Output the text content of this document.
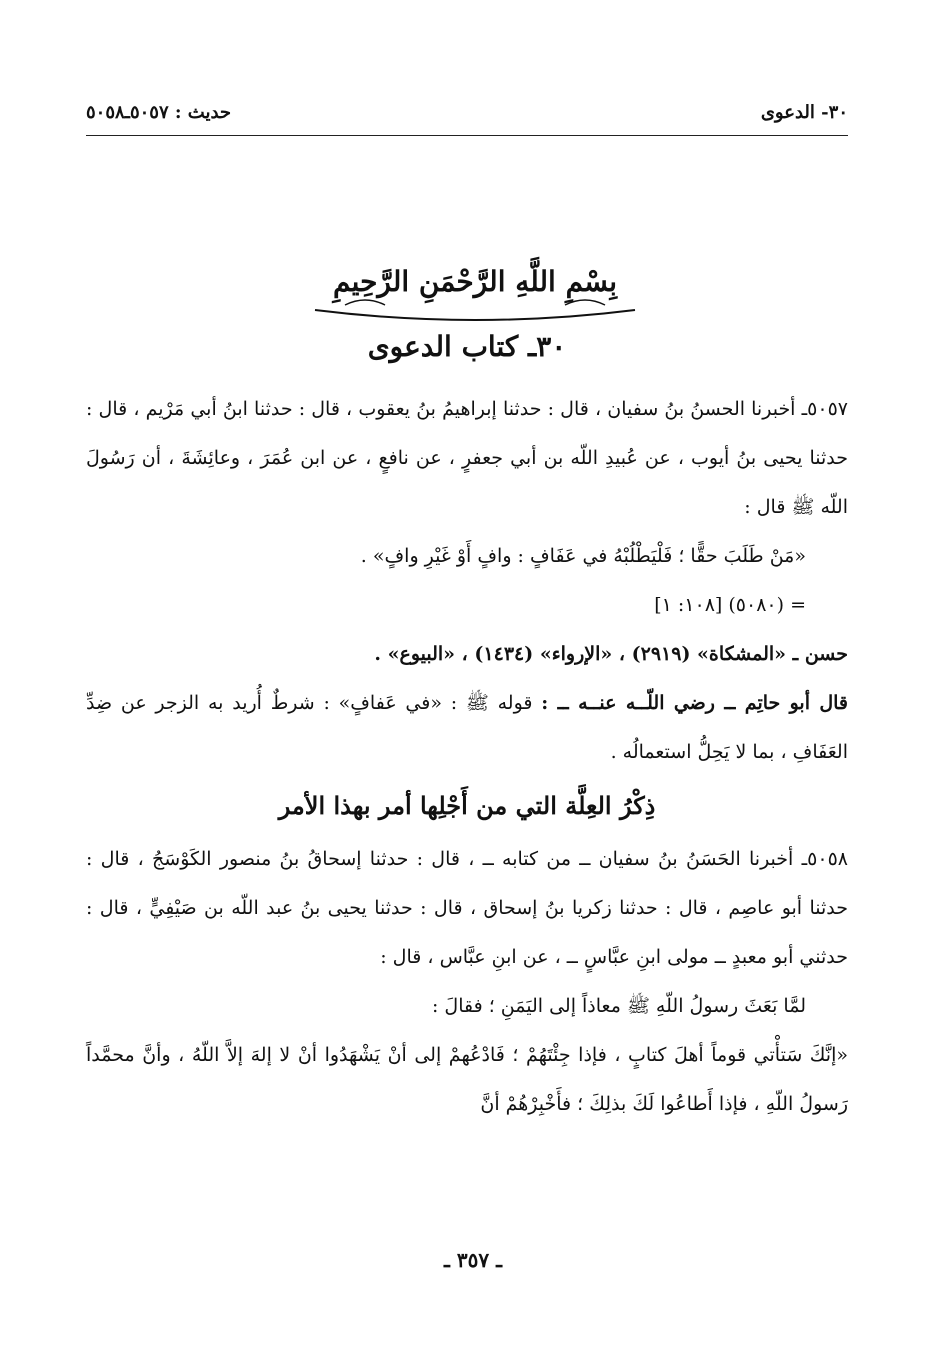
٣٠- الدعوى
حديث : ٥٠٥٧ـ٥٠٥٨
بِسْمِ اللَّهِ الرَّحْمَنِ الرَّحِيمِ
٣٠ـ كتاب الدعوى

٥٠٥٧ـ أخبرنا الحسنُ بنُ سفيان ، قال : حدثنا إبراهيمُ بنُ يعقوب ، قال : حدثنا ابنُ أبي مَرْيم ، قال : حدثنا يحيى بنُ أيوب ، عن عُبيدِ اللّه بن أبي جعفرٍ ، عن نافعٍ ، عن ابن عُمَرَ ، وعائِشَةَ ، أن رَسُولَ اللّه ﷺ قال :

«مَنْ طَلَبَ حقًّا ؛ فَلْيَطْلُبْهُ في عَفَافٍ : وافٍ أَوْ غَيْرِ وافٍ» .

= (٥٠٨٠) [١٠٨: ١]

حسن ـ «المشكاة» (٢٩١٩) ، «الإرواء» (١٤٣٤) ، «البيوع» .

قال أبو حاتِم ــ رضي اللّــه عنــه ــ : قوله ﷺ : «في عَفافٍ» : شرطٌ أُريد به الزجر عن ضِدِّ العَفَافِ ، بما لا يَحِلُّ استعمالُه .

ذِكْرُ العِلَّة التي من أَجْلِها أمر بهذا الأمر

٥٠٥٨ـ أخبرنا الحَسَنُ بنُ سفيان ــ من كتابه ــ ، قال : حدثنا إسحاقُ بنُ منصور الكَوْسَجُ ، قال : حدثنا أبو عاصِم ، قال : حدثنا زكريا بنُ إسحاق ، قال : حدثنا يحيى بنُ عبد اللّه بن صَيْفِيٍّ ، قال : حدثني أبو معبدٍ ــ مولى ابنِ عبَّاسٍ ــ ، عن ابنِ عبَّاس ، قال :

لمَّا بَعَثَ رسولُ اللّهِ ﷺ معاذاً إلى اليَمَنِ ؛ فقالَ :

«إنَّكَ سَتأْتي قوماً أهلَ كتابٍ ، فإذا جِئْتَهُمْ ؛ فَادْعُهمْ إلى أنْ يَشْهَدُوا أنْ لا إلهَ إلاَّ اللّهُ ، وأنَّ محمَّداً رَسولُ اللّهِ ، فإذا أَطاعُوا لَكَ بذلِكَ ؛ فأَخْبِرْهُمْ أنَّ

ـ ٣٥٧ ـ
